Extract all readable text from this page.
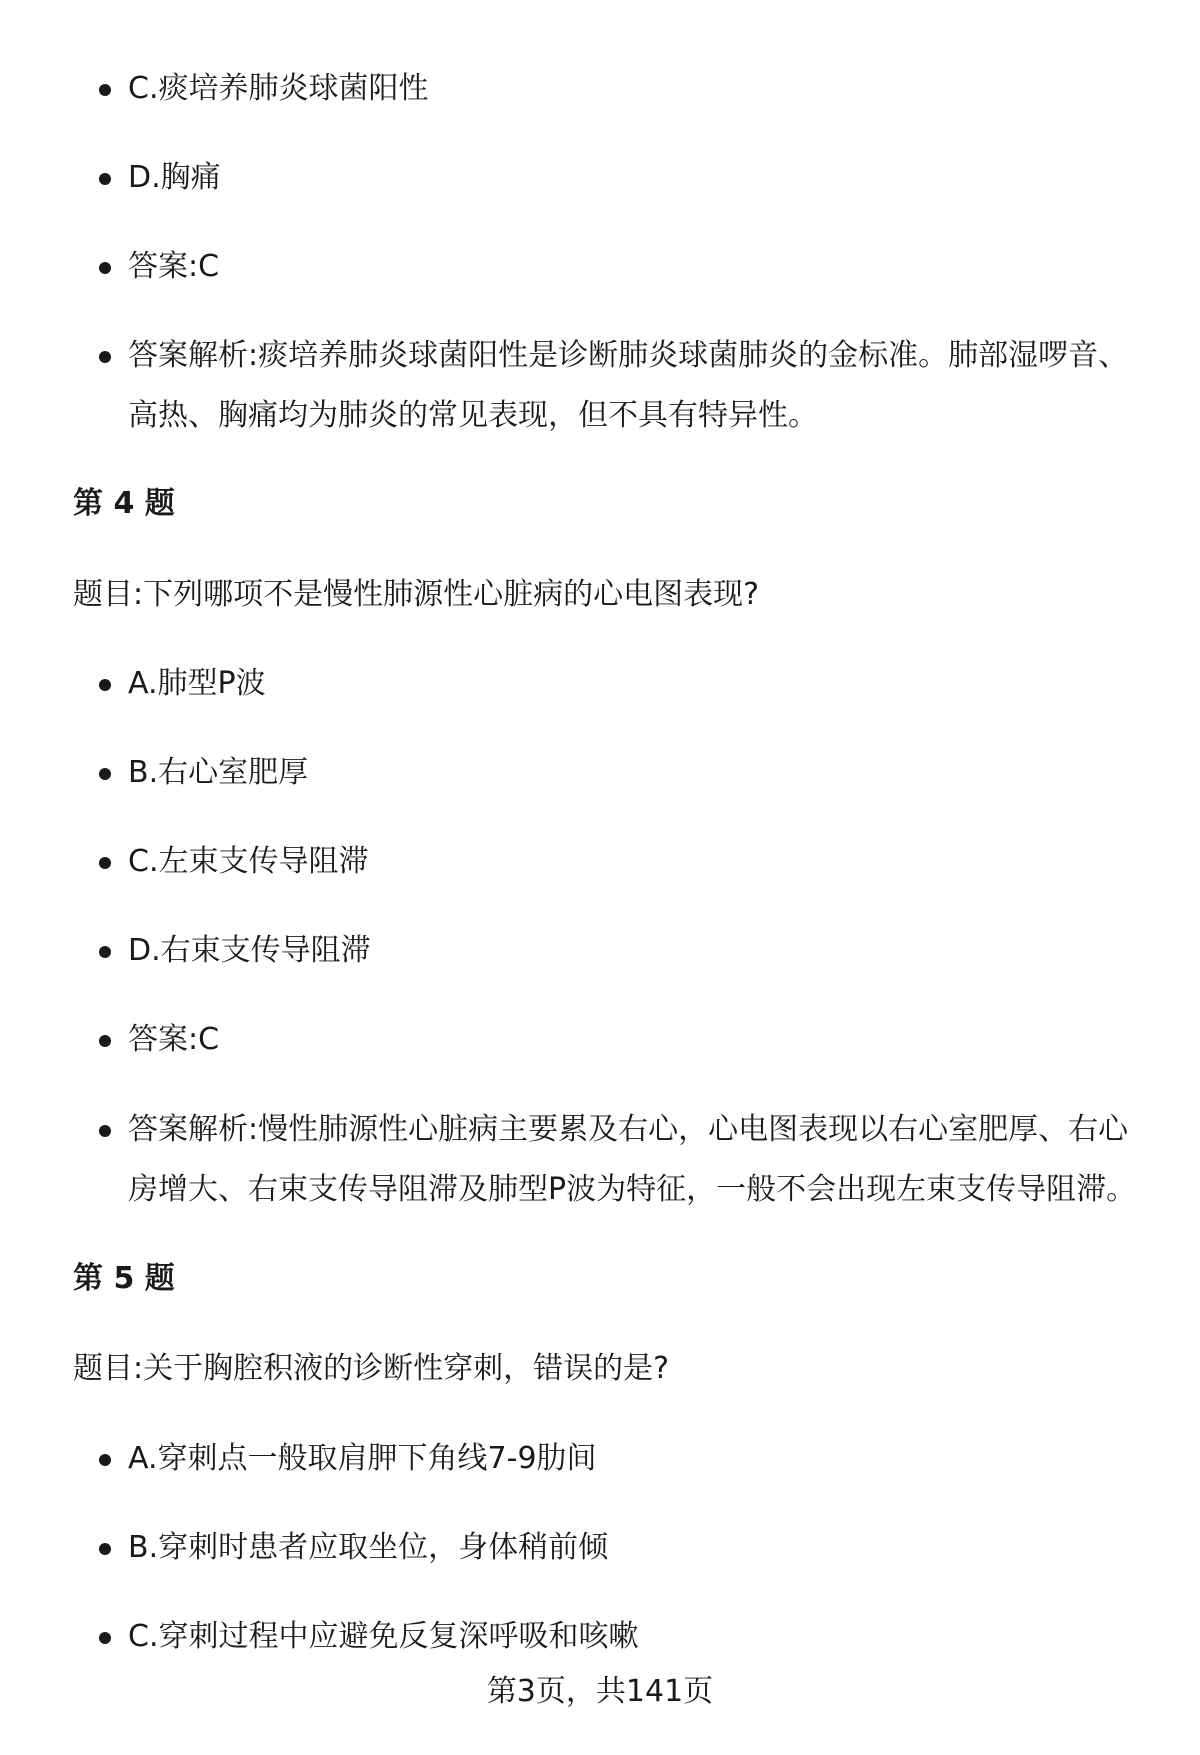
C.痰培养肺炎球菌阳性
D.胸痛
答案:C
答案解析:痰培养肺炎球菌阳性是诊断肺炎球菌肺炎的金标准。肺部湿啰音、高热、胸痛均为肺炎的常见表现，但不具有特异性。
第 4 题
题目:下列哪项不是慢性肺源性心脏病的心电图表现?
A.肺型P波
B.右心室肥厚
C.左束支传导阻滞
D.右束支传导阻滞
答案:C
答案解析:慢性肺源性心脏病主要累及右心，心电图表现以右心室肥厚、右心房增大、右束支传导阻滞及肺型P波为特征，一般不会出现左束支传导阻滞。
第 5 题
题目:关于胸腔积液的诊断性穿刺，错误的是?
A.穿刺点一般取肩胛下角线7-9肋间
B.穿刺时患者应取坐位，身体稍前倾
C.穿刺过程中应避免反复深呼吸和咳嗽
第3页，共141页
